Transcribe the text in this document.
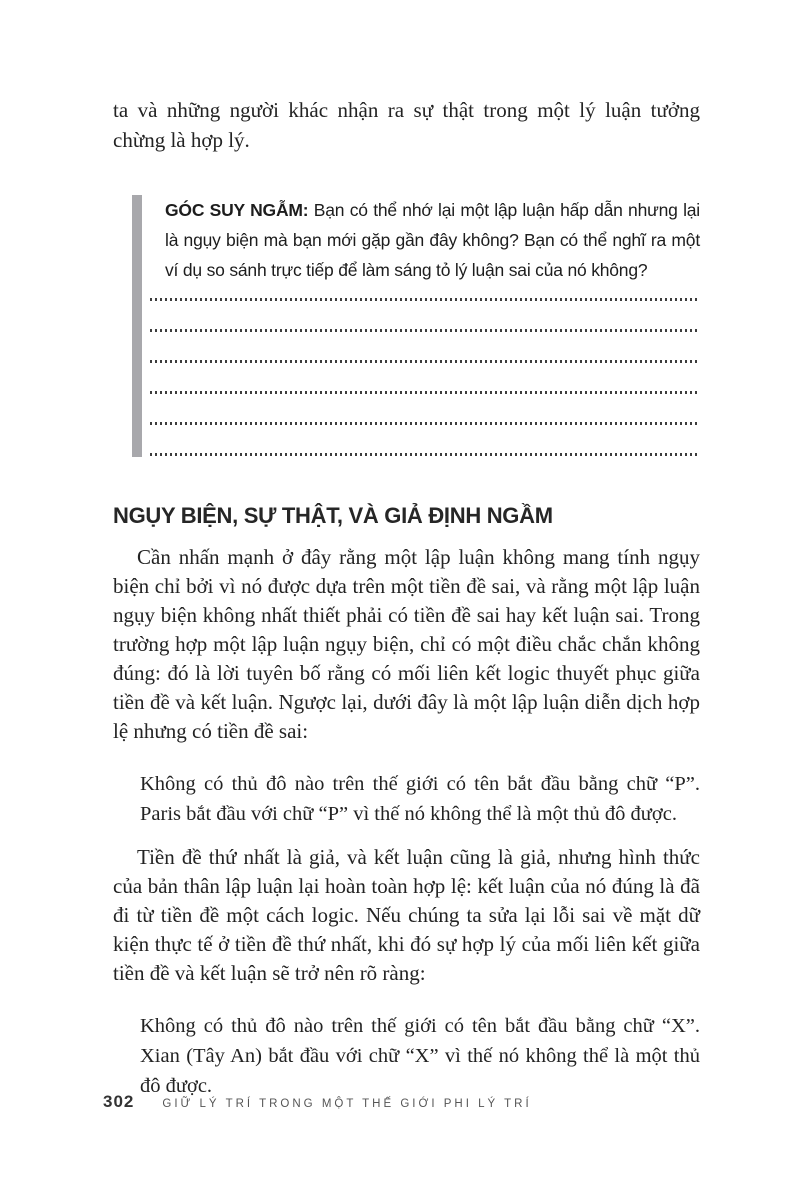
ta và những người khác nhận ra sự thật trong một lý luận tưởng chừng là hợp lý.

GÓC SUY NGẪM: Bạn có thể nhớ lại một lập luận hấp dẫn nhưng lại là ngụy biện mà bạn mới gặp gần đây không? Bạn có thể nghĩ ra một ví dụ so sánh trực tiếp để làm sáng tỏ lý luận sai của nó không?

NGỤY BIỆN, SỰ THẬT, VÀ GIẢ ĐỊNH NGẦM

Cần nhấn mạnh ở đây rằng một lập luận không mang tính ngụy biện chỉ bởi vì nó được dựa trên một tiền đề sai, và rằng một lập luận ngụy biện không nhất thiết phải có tiền đề sai hay kết luận sai. Trong trường hợp một lập luận ngụy biện, chỉ có một điều chắc chắn không đúng: đó là lời tuyên bố rằng có mối liên kết logic thuyết phục giữa tiền đề và kết luận. Ngược lại, dưới đây là một lập luận diễn dịch hợp lệ nhưng có tiền đề sai:

Không có thủ đô nào trên thế giới có tên bắt đầu bằng chữ “P”. Paris bắt đầu với chữ “P” vì thế nó không thể là một thủ đô được.

Tiền đề thứ nhất là giả, và kết luận cũng là giả, nhưng hình thức của bản thân lập luận lại hoàn toàn hợp lệ: kết luận của nó đúng là đã đi từ tiền đề một cách logic. Nếu chúng ta sửa lại lỗi sai về mặt dữ kiện thực tế ở tiền đề thứ nhất, khi đó sự hợp lý của mối liên kết giữa tiền đề và kết luận sẽ trở nên rõ ràng:

Không có thủ đô nào trên thế giới có tên bắt đầu bằng chữ “X”. Xian (Tây An) bắt đầu với chữ “X” vì thế nó không thể là một thủ đô được.

302 GIỮ LÝ TRÍ TRONG MỘT THẾ GIỚI PHI LÝ TRÍ
